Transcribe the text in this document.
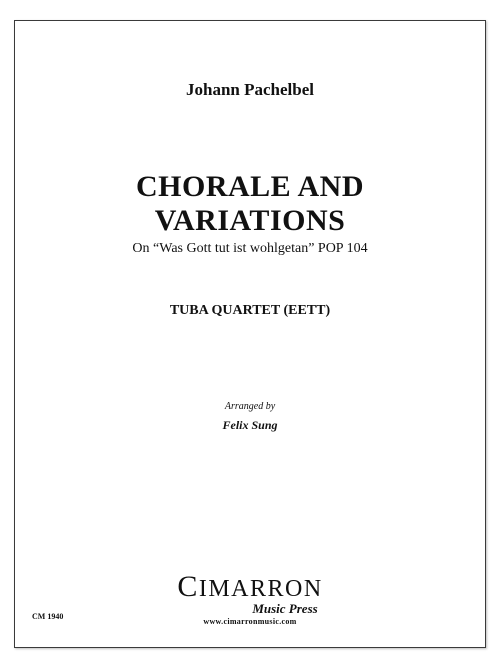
Johann Pachelbel
CHORALE AND
VARIATIONS
On “Was Gott tut ist wohlgetan” POP 104
TUBA QUARTET (EETT)
Arranged by
Felix Sung
CIMARRON
Music Press
www.cimarronmusic.com
CM 1940
